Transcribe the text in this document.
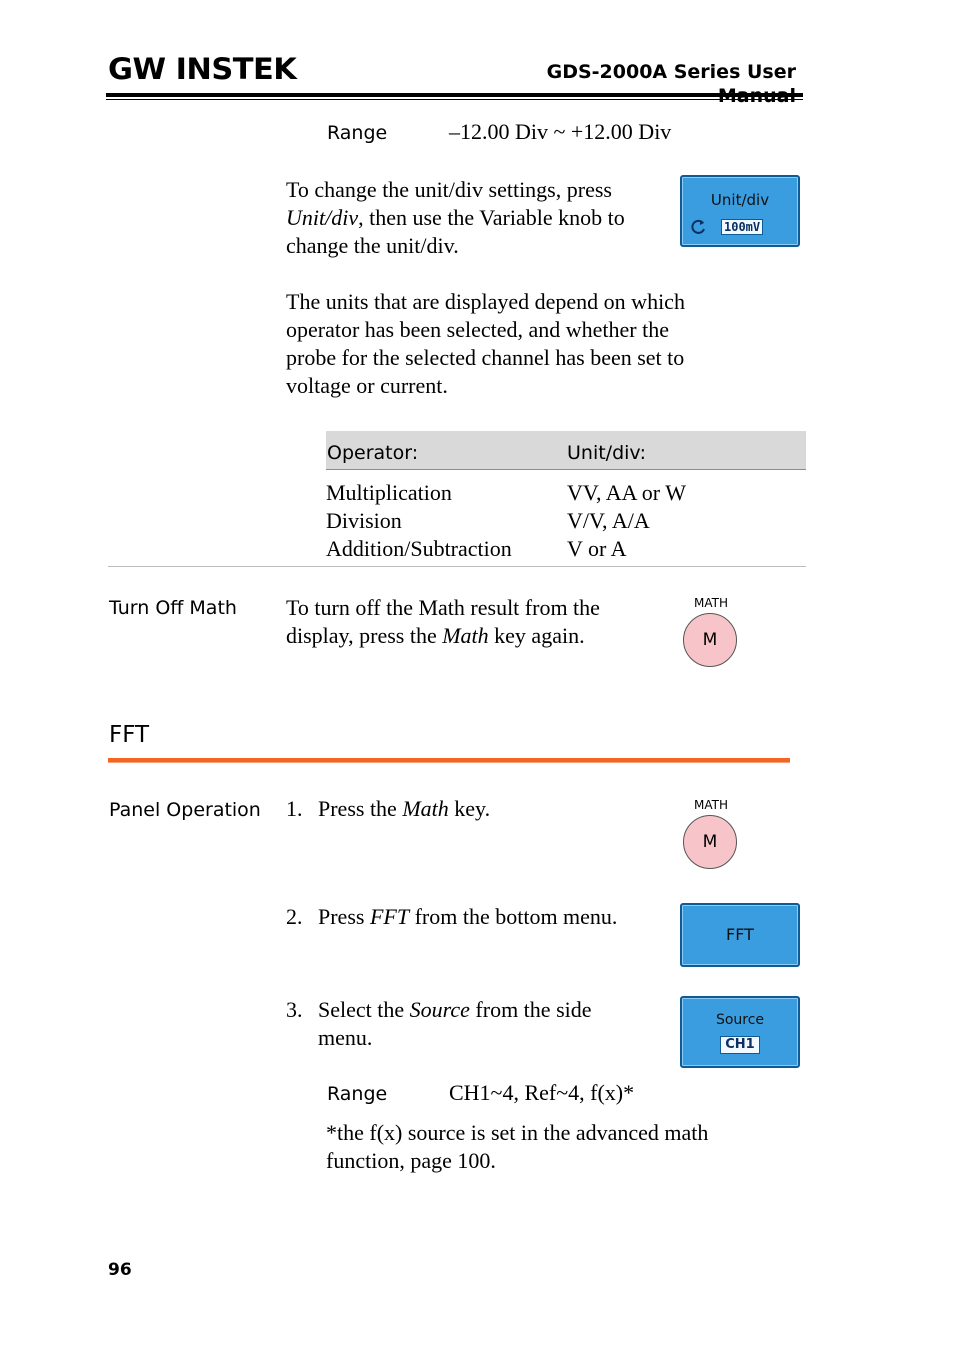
GW INSTEK	GDS-2000A Series User
Range	–12.00 Div ~ +12.00 Div
To change the unit/div settings, press Unit/div, then use the Variable knob to change the unit/div.
Unit/div
100mV
The units that are displayed depend on which operator has been selected, and whether the probe for the selected channel has been set to voltage or current.
Operator:	Unit/div:
Multiplication	VV, AA or W
Division	V/V, A/A
Addition/Subtraction	V or A
Turn Off Math To turn off the Math result from the display, press the Math key again.
MATH
M
FFT
Panel Operation 1. Press the Math key.	MATH
M
2. Press FFT from the bottom menu.
FFT
3. Select the Source from the side menu.
Source
CH1
Range	CH1~4, Ref~4, f(x)*
*the f(x) source is set in the advanced math function, page 100.
96
